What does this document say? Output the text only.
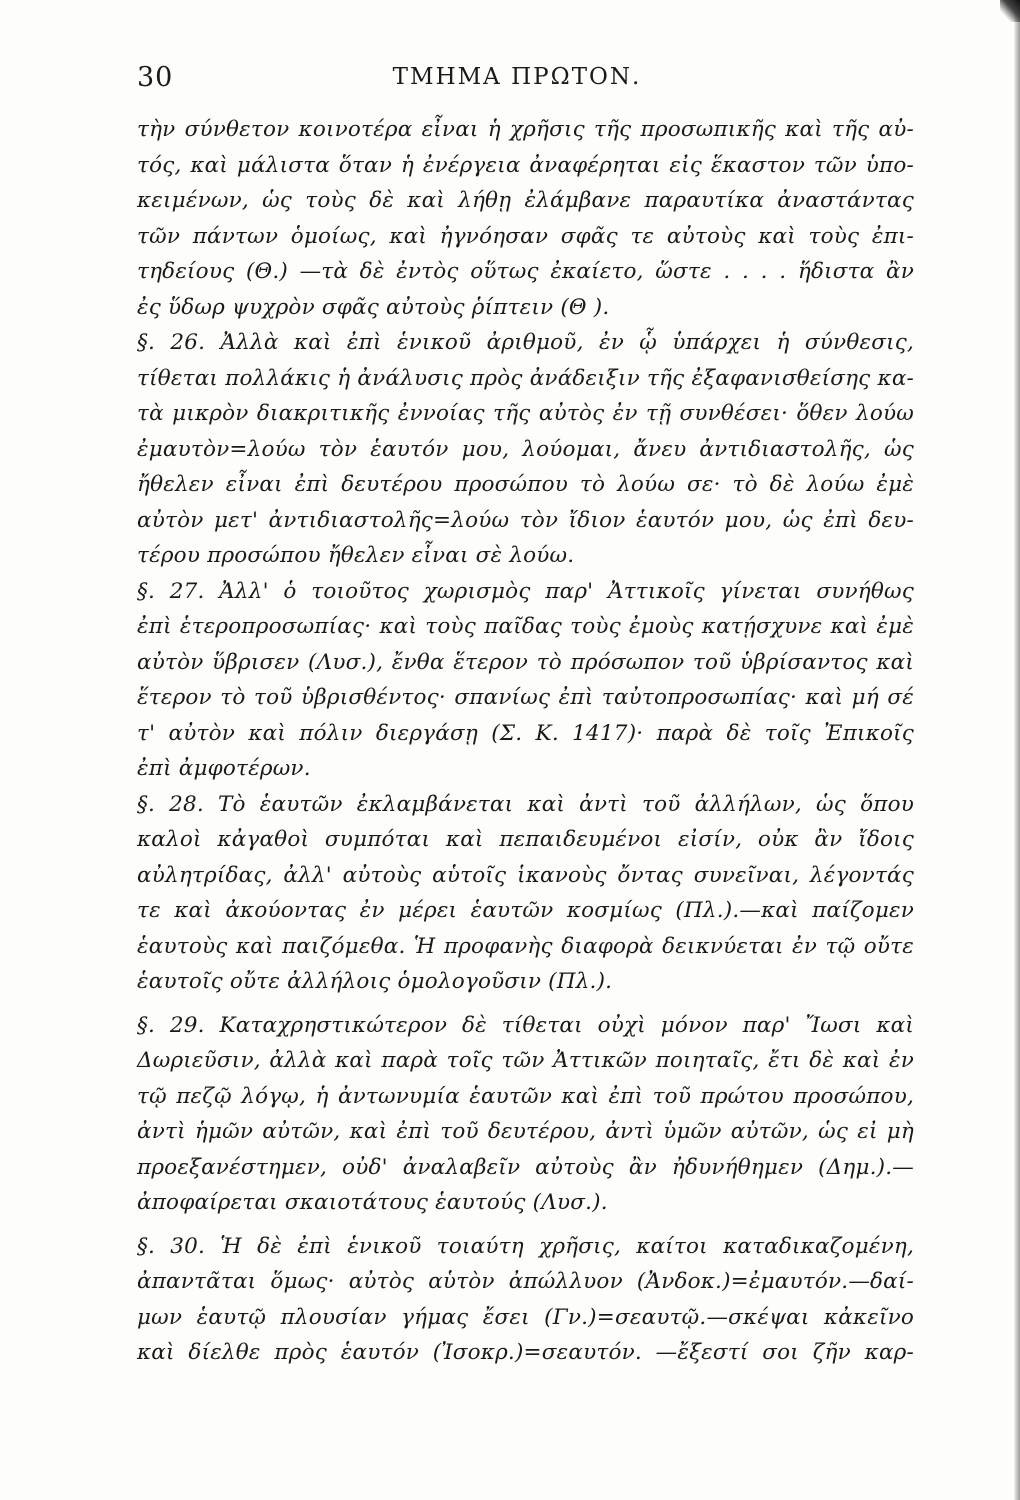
30	ΤΜΗΜΑ ΠΡΩΤΟΝ.
τὴν σύνθετον κοινοτέρα εἶναι ἡ χρῆσις τῆς προσωπικῆς καὶ τῆς αὐ-
τός, καὶ μάλιστα ὅταν ἡ ἐνέργεια ἀναφέρηται εἰς ἕκαστον τῶν ὑπο-
κειμένων, ὡς τοὺς δὲ καὶ λήθῃ ἐλάμβανε παραυτίκα ἀναστάντας
τῶν πάντων ὁμοίως, καὶ ἠγνόησαν σφᾶς τε αὐτοὺς καὶ τοὺς ἐπι-
τηδείους (Θ.) —τὰ δὲ ἐντὸς οὕτως ἐκαίετο, ὥστε . . . . ἥδιστα ἂν
ἐς ὕδωρ ψυχρὸν σφᾶς αὐτοὺς ῥίπτειν (Θ ).
§. 26. Ἀλλὰ καὶ ἐπὶ ἑνικοῦ ἀριθμοῦ, ἐν ᾧ ὑπάρχει ἡ σύνθεσις,
τίθεται πολλάκις ἡ ἀνάλυσις πρὸς ἀνάδειξιν τῆς ἐξαφανισθείσης κα-
τὰ μικρὸν διακριτικῆς ἐννοίας τῆς αὐτὸς ἐν τῇ συνθέσει· ὅθεν λούω
ἐμαυτὸν=λούω τὸν ἑαυτόν μου, λούομαι, ἄνευ ἀντιδιαστολῆς, ὡς
ἤθελεν εἶναι ἐπὶ δευτέρου προσώπου τὸ λούω σε· τὸ δὲ λούω ἐμὲ
αὐτὸν μετ' ἀντιδιαστολῆς=λούω τὸν ἴδιον ἑαυτόν μου, ὡς ἐπὶ δευ-
τέρου προσώπου ἤθελεν εἶναι σὲ λούω.
§. 27. Ἀλλ' ὁ τοιοῦτος χωρισμὸς παρ' Ἀττικοῖς γίνεται συνήθως
ἐπὶ ἑτεροπροσωπίας· καὶ τοὺς παῖδας τοὺς ἐμοὺς κατῄσχυνε καὶ ἐμὲ
αὐτὸν ὕβρισεν (Λυσ.), ἔνθα ἕτερον τὸ πρόσωπον τοῦ ὑβρίσαντος καὶ
ἕτερον τὸ τοῦ ὑβρισθέντος· σπανίως ἐπὶ ταὐτοπροσωπίας· καὶ μή σέ
τ' αὐτὸν καὶ πόλιν διεργάσῃ (Σ. Κ. 1417)· παρὰ δὲ τοῖς Ἐπικοῖς
ἐπὶ ἀμφοτέρων.
§. 28. Τὸ ἑαυτῶν ἐκλαμβάνεται καὶ ἀντὶ τοῦ ἀλλήλων, ὡς ὅπου
καλοὶ κἀγαθοὶ συμπόται καὶ πεπαιδευμένοι εἰσίν, οὐκ ἂν ἴδοις
αὐλητρίδας, ἀλλ' αὐτοὺς αὑτοῖς ἱκανοὺς ὄντας συνεῖναι, λέγοντάς
τε καὶ ἀκούοντας ἐν μέρει ἑαυτῶν κοσμίως (Πλ.).—καὶ παίζομεν
ἑαυτοὺς καὶ παιζόμεθα. Ἡ προφανὴς διαφορὰ δεικνύεται ἐν τῷ οὔτε
ἑαυτοῖς οὔτε ἀλλήλοις ὁμολογοῦσιν (Πλ.).
§. 29. Καταχρηστικώτερον δὲ τίθεται οὐχὶ μόνον παρ' Ἴωσι καὶ
Δωριεῦσιν, ἀλλὰ καὶ παρὰ τοῖς τῶν Ἀττικῶν ποιηταῖς, ἔτι δὲ καὶ ἐν
τῷ πεζῷ λόγῳ, ἡ ἀντωνυμία ἑαυτῶν καὶ ἐπὶ τοῦ πρώτου προσώπου,
ἀντὶ ἡμῶν αὐτῶν, καὶ ἐπὶ τοῦ δευτέρου, ἀντὶ ὑμῶν αὐτῶν, ὡς εἰ μὴ
προεξανέστημεν, οὐδ' ἀναλαβεῖν αὐτοὺς ἂν ἠδυνήθημεν (Δημ.).—
ἀποφαίρεται σκαιοτάτους ἑαυτούς (Λυσ.).
§. 30. Ἡ δὲ ἐπὶ ἑνικοῦ τοιαύτη χρῆσις, καίτοι καταδικαζομένη,
ἀπαντᾶται ὅμως· αὐτὸς αὑτὸν ἀπώλλυον (Ἀνδοκ.)=ἐμαυτόν.—δαί-
μων ἑαυτῷ πλουσίαν γήμας ἔσει (Γν.)=σεαυτῷ.—σκέψαι κἀκεῖνο
καὶ δίελθε πρὸς ἑαυτόν (Ἰσοκρ.)=σεαυτόν. —ἔξεστί σοι ζῆν καρ-
